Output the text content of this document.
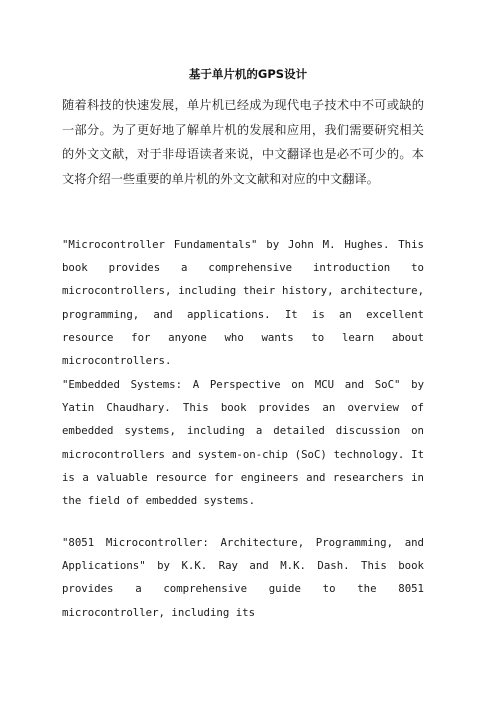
基于单片机的GPS设计

随着科技的快速发展，单片机已经成为现代电子技术中不可或缺的一部分。为了更好地了解单片机的发展和应用，我们需要研究相关的外文文献，对于非母语读者来说，中文翻译也是必不可少的。本文将介绍一些重要的单片机的外文文献和对应的中文翻译。

"Microcontroller Fundamentals" by John M. Hughes. This book provides a comprehensive introduction to microcontrollers, including their history, architecture, programming, and applications. It is an excellent resource for anyone who wants to learn about microcontrollers.

"Embedded Systems: A Perspective on MCU and SoC" by Yatin Chaudhary. This book provides an overview of embedded systems, including a detailed discussion on microcontrollers and system-on-chip (SoC) technology. It is a valuable resource for engineers and researchers in the field of embedded systems.

"8051 Microcontroller: Architecture, Programming, and Applications" by K.K. Ray and M.K. Dash. This book provides a comprehensive guide to the 8051 microcontroller, including its
